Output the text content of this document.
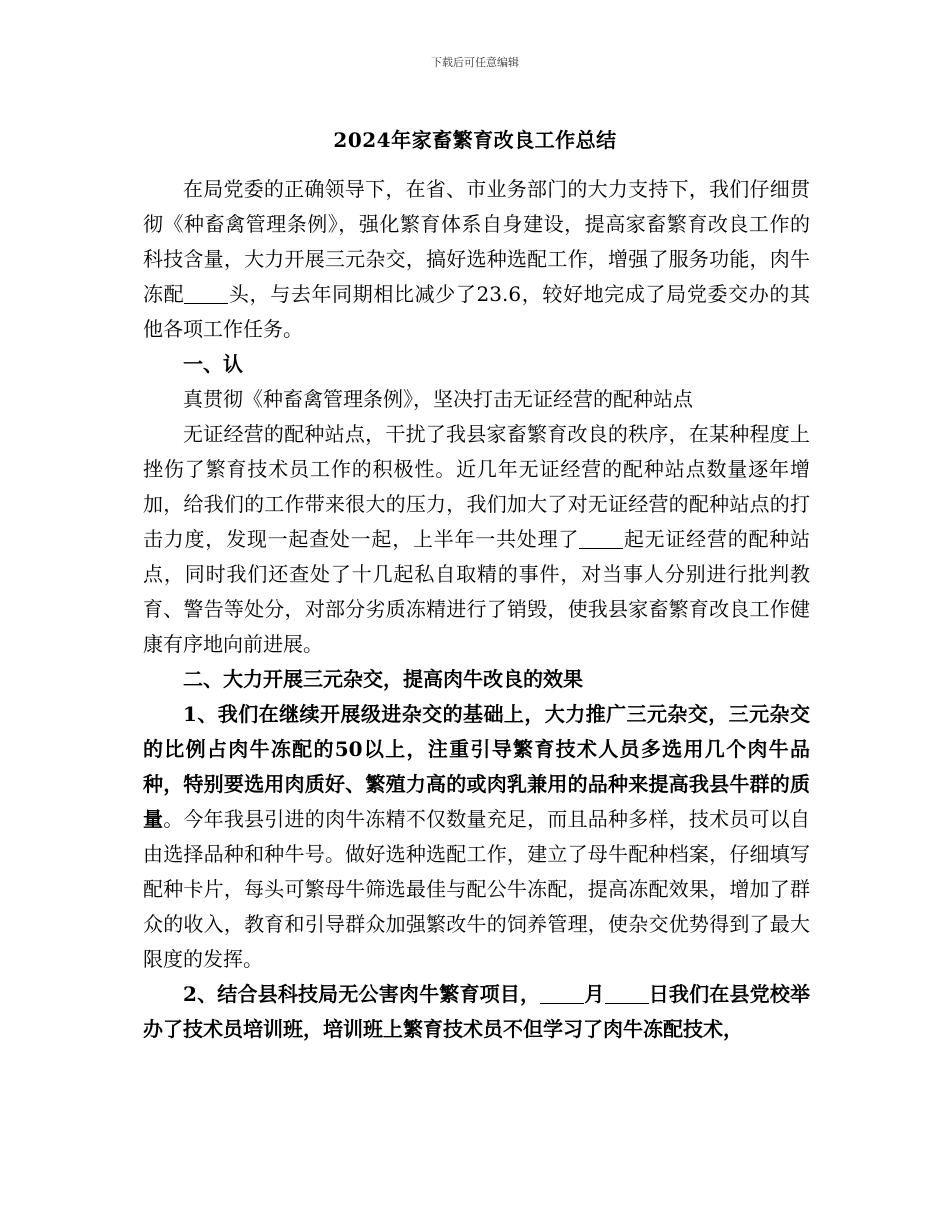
下载后可任意编辑
2024年家畜繁育改良工作总结

在局党委的正确领导下，在省、市业务部门的大力支持下，我们仔细贯彻《种畜禽管理条例》，强化繁育体系自身建设，提高家畜繁育改良工作的科技含量，大力开展三元杂交，搞好选种选配工作，增强了服务功能，肉牛冻配 头，与去年同期相比减少了23.6，较好地完成了局党委交办的其他各项工作任务。

一、认

真贯彻《种畜禽管理条例》，坚决打击无证经营的配种站点

无证经营的配种站点，干扰了我县家畜繁育改良的秩序，在某种程度上挫伤了繁育技术员工作的积极性。近几年无证经营的配种站点数量逐年增加，给我们的工作带来很大的压力，我们加大了对无证经营的配种站点的打击力度，发现一起查处一起，上半年一共处理了 起无证经营的配种站点，同时我们还查处了十几起私自取精的事件，对当事人分别进行批判教育、警告等处分，对部分劣质冻精进行了销毁，使我县家畜繁育改良工作健康有序地向前进展。

二、大力开展三元杂交，提高肉牛改良的效果

1、我们在继续开展级进杂交的基础上，大力推广三元杂交，三元杂交的比例占肉牛冻配的50以上，注重引导繁育技术人员多选用几个肉牛品种，特别要选用肉质好、繁殖力高的或肉乳兼用的品种来提高我县牛群的质量。今年我县引进的肉牛冻精不仅数量充足，而且品种多样，技术员可以自由选择品种和种牛号。做好选种选配工作，建立了母牛配种档案，仔细填写配种卡片，每头可繁母牛筛选最佳与配公牛冻配，提高冻配效果，增加了群众的收入，教育和引导群众加强繁改牛的饲养管理，使杂交优势得到了最大限度的发挥。

2、结合县科技局无公害肉牛繁育项目， 月 日我们在县党校举办了技术员培训班，培训班上繁育技术员不但学习了肉牛冻配技术，
